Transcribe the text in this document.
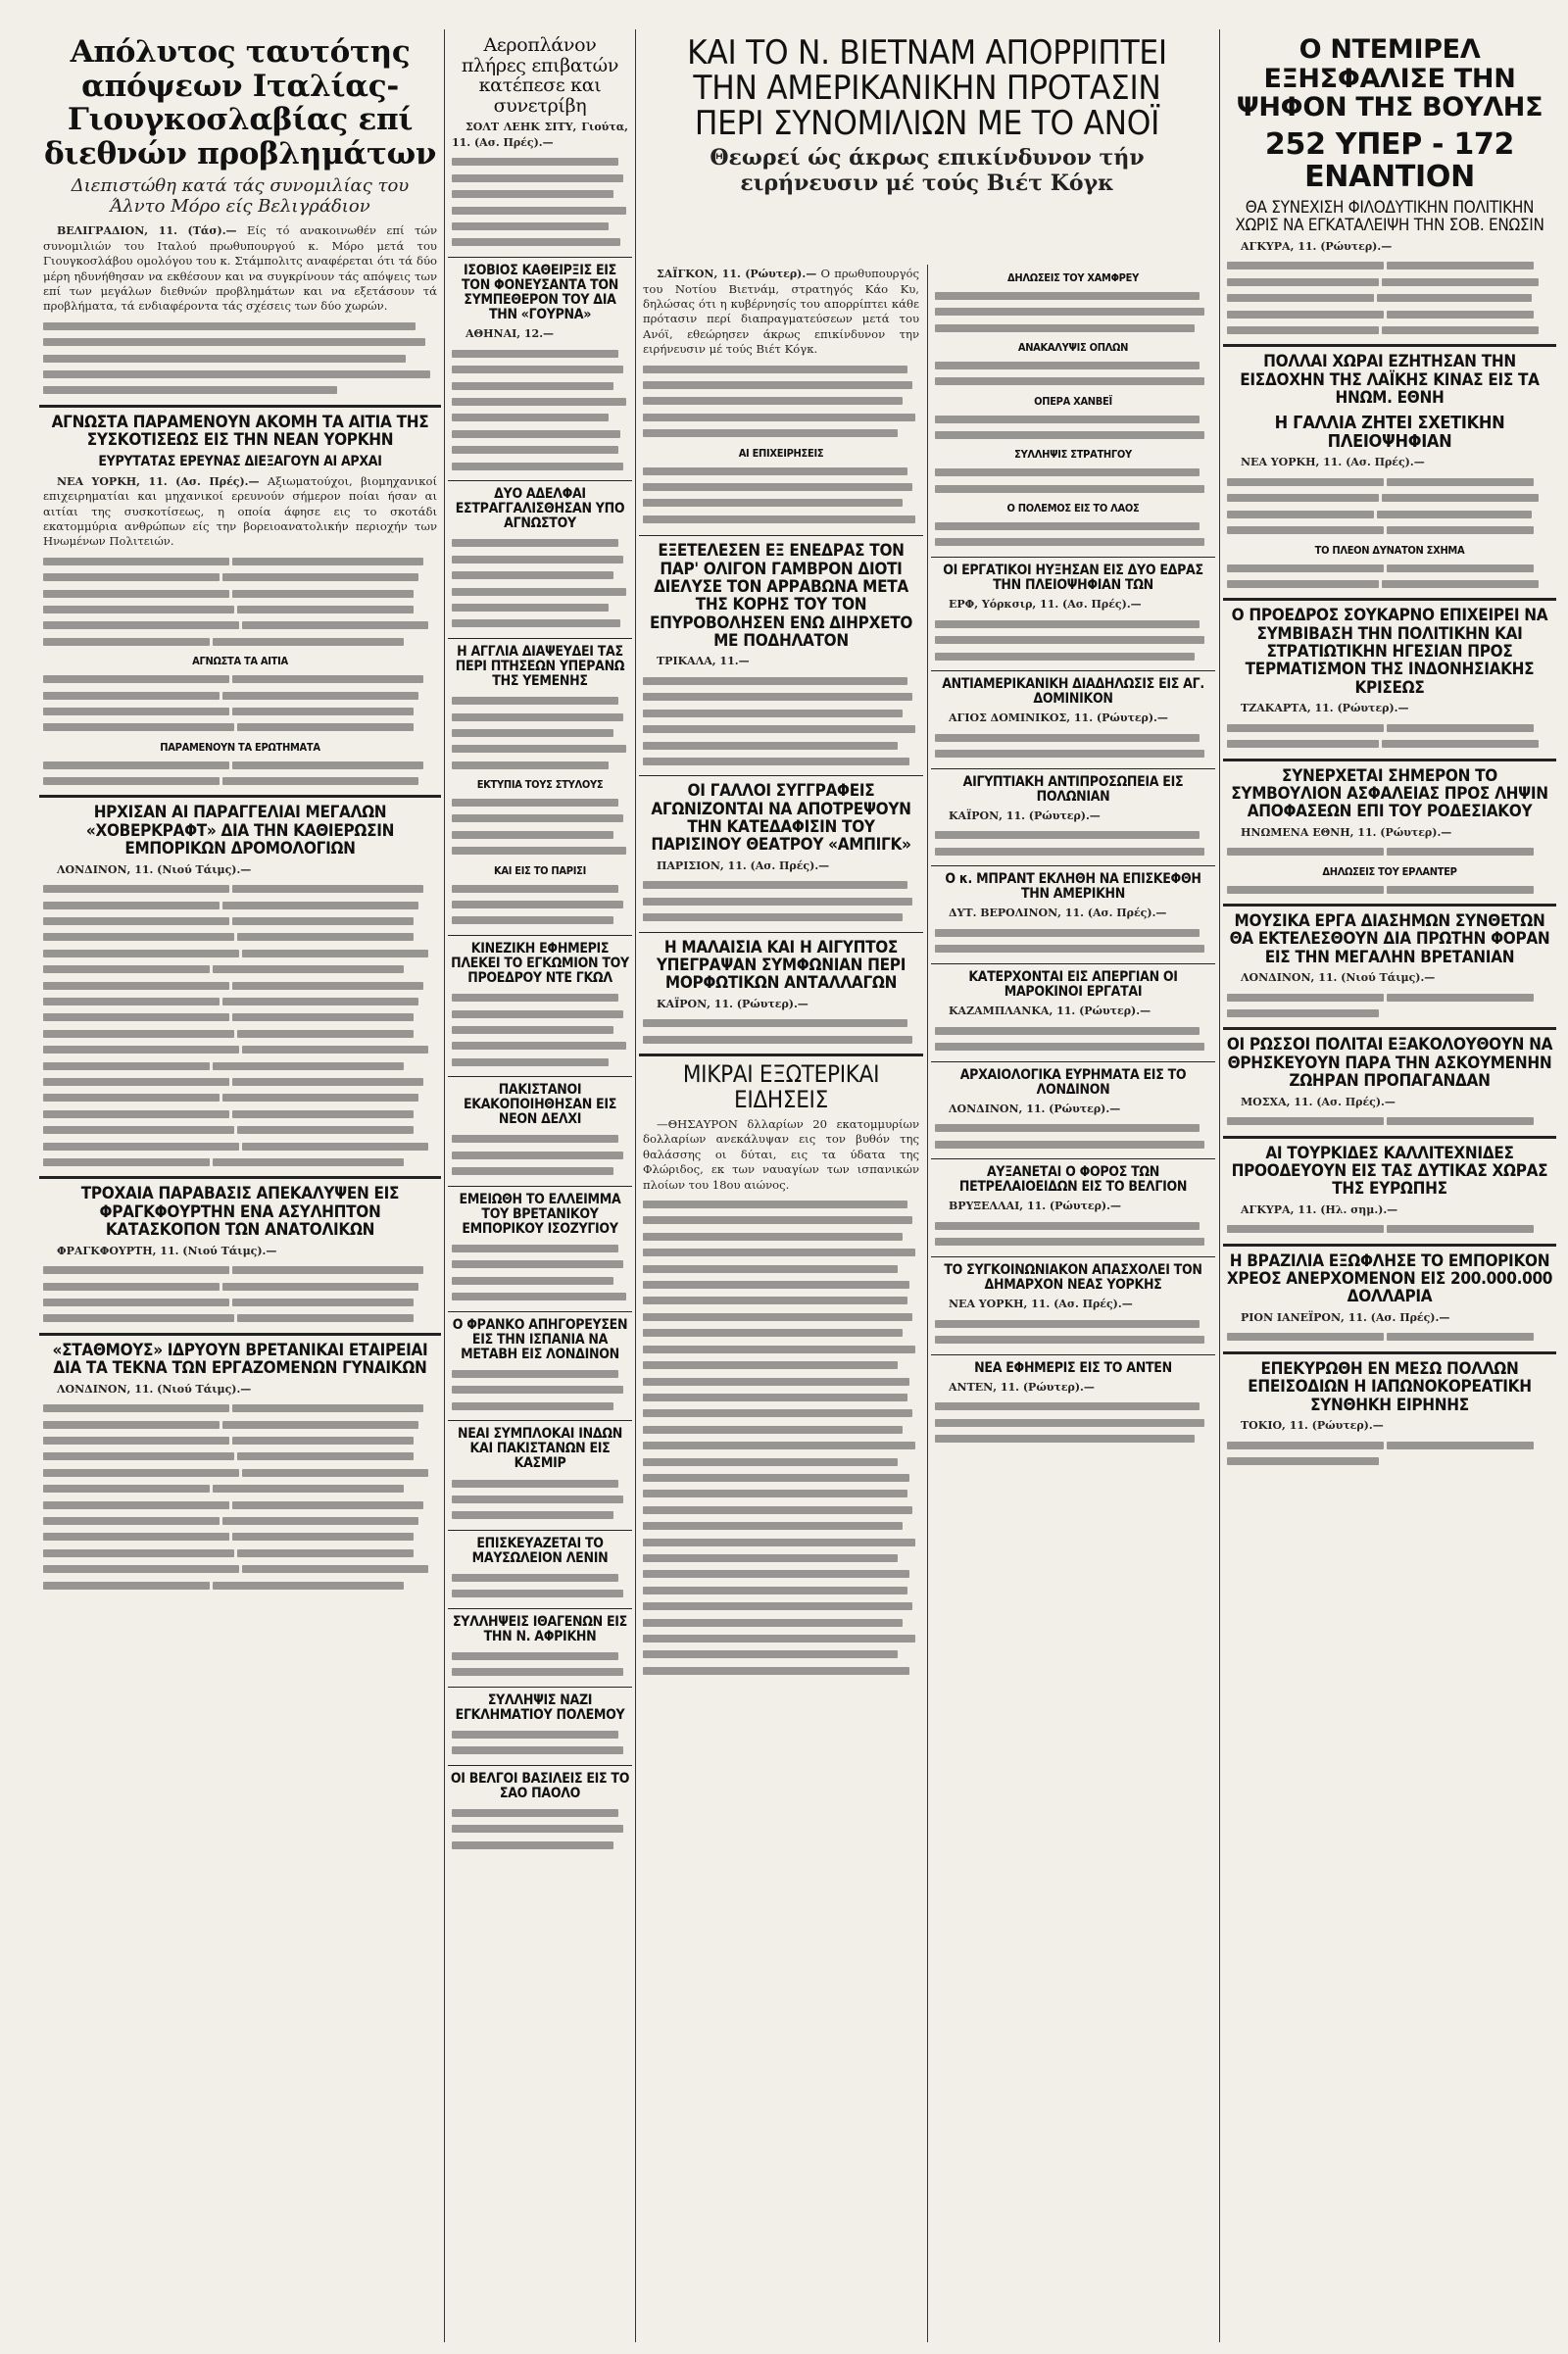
Απόλυτος ταυτότης απόψεων Ιταλίας-Γιουγκοσλαβίας επί διεθνών προβλημάτων
Διεπιστώθη κατά τάς συνομιλίας του Άλντο Μόρο είς Βελιγράδιον

ΒΕΛΙΓΡΑΔΙΟΝ, 11. (Τάσ).— Είς τό ανακοινωθέν επί τών συνομιλιών του Ιταλού πρωθυπουργού κ. Μόρο μετά του Γιουγκοσλάβου ομολόγου του κ. Στάμπολιτς αναφέρεται ότι τά δύο μέρη ηδυνήθησαν να εκθέσουν και να συγκρίνουν τάς απόψεις των επί των μεγάλων διεθνών προβλημάτων και να εξετάσουν τά προβλήματα, τά ενδιαφέροντα τάς σχέσεις των δύο χωρών.

ΑΓΝΩΣΤΑ ΠΑΡΑΜΕΝΟΥΝ ΑΚΟΜΗ ΤΑ ΑΙΤΙΑ ΤΗΣ ΣΥΣΚΟΤΙΣΕΩΣ ΕΙΣ ΤΗΝ ΝΕΑΝ ΥΟΡΚΗΝ
ΕΥΡΥΤΑΤΑΣ ΕΡΕΥΝΑΣ ΔΙΕΞΑΓΟΥΝ ΑΙ ΑΡΧΑΙ

ΝΕΑ ΥΟΡΚΗ, 11. (Ασ. Πρές).— Αξιωματούχοι, βιομηχανικοί επιχειρηματίαι και μηχανικοί ερευνούν σήμερον ποίαι ήσαν αι αιτίαι της συσκοτίσεως, η οποία άφησε εις το σκοτάδι εκατομμύρια ανθρώπων είς την βορειοανατολικήν περιοχήν των Ηνωμένων Πολιτειών.

ΑΓΝΩΣΤΑ ΤΑ ΑΙΤΙΑ
ΠΑΡΑΜΕΝΟΥΝ ΤΑ ΕΡΩΤΗΜΑΤΑ
ΗΡΧΙΣΑΝ ΑΙ ΠΑΡΑΓΓΕΛΙΑΙ ΜΕΓΑΛΩΝ «ΧΟΒΕΡΚΡΑΦΤ» ΔΙΑ ΤΗΝ ΚΑΘΙΕΡΩΣΙΝ ΕΜΠΟΡΙΚΩΝ ΔΡΟΜΟΛΟΓΙΩΝ

ΛΟΝΔΙΝΟΝ, 11. (Νιού Τάιμς).—

ΤΡΟΧΑΙΑ ΠΑΡΑΒΑΣΙΣ ΑΠΕΚΑΛΥΨΕΝ ΕΙΣ ΦΡΑΓΚΦΟΥΡΤΗΝ ΕΝΑ ΑΣΥΛΗΠΤΟΝ ΚΑΤΑΣΚΟΠΟΝ ΤΩΝ ΑΝΑΤΟΛΙΚΩΝ

ΦΡΑΓΚΦΟΥΡΤΗ, 11. (Νιού Τάιμς).—

«ΣΤΑΘΜΟΥΣ» ΙΔΡΥΟΥΝ ΒΡΕΤΑΝΙΚΑΙ ΕΤΑΙΡΕΙΑΙ ΔΙΑ ΤΑ ΤΕΚΝΑ ΤΩΝ ΕΡΓΑΖΟΜΕΝΩΝ ΓΥΝΑΙΚΩΝ

ΛΟΝΔΙΝΟΝ, 11. (Νιού Τάιμς).—

Αεροπλάνον πλήρες επιβατών κατέπεσε και συνετρίβη

ΣΟΛΤ ΛΕΗΚ ΣΙΤΥ, Γιούτα, 11. (Ασ. Πρές).—

ΙΣΟΒΙΟΣ ΚΑΘΕΙΡΞΙΣ ΕΙΣ ΤΟΝ ΦΟΝΕΥΣΑΝΤΑ ΤΟΝ ΣΥΜΠΕΘΕΡΟΝ ΤΟΥ ΔΙΑ ΤΗΝ «ΓΟΥΡΝΑ»

ΑΘΗΝΑΙ, 12.—

ΔΥΟ ΑΔΕΛΦΑΙ ΕΣΤΡΑΓΓΑΛΙΣΘΗΣΑΝ ΥΠΟ ΑΓΝΩΣΤΟΥ
Η ΑΓΓΛΙΑ ΔΙΑΨΕΥΔΕΙ ΤΑΣ ΠΕΡΙ ΠΤΗΣΕΩΝ ΥΠΕΡΑΝΩ ΤΗΣ ΥΕΜΕΝΗΣ
ΕΚΤΥΠΙΑ ΤΟΥΣ ΣΤΥΛΟΥΣ
ΚΑΙ ΕΙΣ ΤΟ ΠΑΡΙΣΙ
ΚΙΝΕΖΙΚΗ ΕΦΗΜΕΡΙΣ ΠΛΕΚΕΙ ΤΟ ΕΓΚΩΜΙΟΝ ΤΟΥ ΠΡΟΕΔΡΟΥ ΝΤΕ ΓΚΩΛ
ΠΑΚΙΣΤΑΝΟΙ ΕΚΑΚΟΠΟΙΗΘΗΣΑΝ ΕΙΣ ΝΕΟΝ ΔΕΛΧΙ
ΕΜΕΙΩΘΗ ΤΟ ΕΛΛΕΙΜΜΑ ΤΟΥ ΒΡΕΤΑΝΙΚΟΥ ΕΜΠΟΡΙΚΟΥ ΙΣΟΖΥΓΙΟΥ
Ο ΦΡΑΝΚΟ ΑΠΗΓΟΡΕΥΣΕΝ ΕΙΣ ΤΗΝ ΙΣΠΑΝΙΑ ΝΑ ΜΕΤΑΒΗ ΕΙΣ ΛΟΝΔΙΝΟΝ
ΝΕΑΙ ΣΥΜΠΛΟΚΑΙ ΙΝΔΩΝ ΚΑΙ ΠΑΚΙΣΤΑΝΩΝ ΕΙΣ ΚΑΣΜΙΡ
ΕΠΙΣΚΕΥΑΖΕΤΑΙ ΤΟ ΜΑΥΣΩΛΕΙΟΝ ΛΕΝΙΝ
ΣΥΛΛΗΨΕΙΣ ΙΘΑΓΕΝΩΝ ΕΙΣ ΤΗΝ Ν. ΑΦΡΙΚΗΝ
ΣΥΛΛΗΨΙΣ ΝΑΖΙ ΕΓΚΛΗΜΑΤΙΟΥ ΠΟΛΕΜΟΥ
ΟΙ ΒΕΛΓΟΙ ΒΑΣΙΛΕΙΣ ΕΙΣ ΤΟ ΣΑΟ ΠΑΟΛΟ
ΚΑΙ ΤΟ Ν. ΒΙΕΤΝΑΜ ΑΠΟΡΡΙΠΤΕΙ ΤΗΝ ΑΜΕΡΙΚΑΝΙΚΗΝ ΠΡΟΤΑΣΙΝ ΠΕΡΙ ΣΥΝΟΜΙΛΙΩΝ ΜΕ ΤΟ ΑΝΟΪ
Θεωρεί ώς άκρως επικίνδυνον τήν ειρήνευσιν μέ τούς Βιέτ Κόγκ

ΣΑΪΓΚΟΝ, 11. (Ρώυτερ).— Ο πρωθυπουργός του Νοτίου Βιετνάμ, στρατηγός Κάο Κυ, δηλώσας ότι η κυβέρνησίς του απορρίπτει κάθε πρότασιν περί διαπραγματεύσεων μετά του Ανόϊ, εθεώρησεν άκρως επικίνδυνον την ειρήνευσιν μέ τούς Βιέτ Κόγκ.

ΑΙ ΕΠΙΧΕΙΡΗΣΕΙΣ
ΕΞΕΤΕΛΕΣΕΝ ΕΞ ΕΝΕΔΡΑΣ ΤΟΝ ΠΑΡ' ΟΛΙΓΟΝ ΓΑΜΒΡΟΝ ΔΙΟΤΙ ΔΙΕΛΥΣΕ ΤΟΝ ΑΡΡΑΒΩΝΑ ΜΕΤΑ ΤΗΣ ΚΟΡΗΣ ΤΟΥ ΤΟΝ ΕΠΥΡΟΒΟΛΗΣΕΝ ΕΝΩ ΔΙΗΡΧΕΤΟ ΜΕ ΠΟΔΗΛΑΤΟΝ

ΤΡΙΚΑΛΑ, 11.—

ΟΙ ΓΑΛΛΟΙ ΣΥΓΓΡΑΦΕΙΣ ΑΓΩΝΙΖΟΝΤΑΙ ΝΑ ΑΠΟΤΡΕΨΟΥΝ ΤΗΝ ΚΑΤΕΔΑΦΙΣΙΝ ΤΟΥ ΠΑΡΙΣΙΝΟΥ ΘΕΑΤΡΟΥ «ΑΜΠΙΓΚ»

ΠΑΡΙΣΙΟΝ, 11. (Ασ. Πρές).—

Η ΜΑΛΑΙΣΙΑ ΚΑΙ Η ΑΙΓΥΠΤΟΣ ΥΠΕΓΡΑΨΑΝ ΣΥΜΦΩΝΙΑΝ ΠΕΡΙ ΜΟΡΦΩΤΙΚΩΝ ΑΝΤΑΛΛΑΓΩΝ

ΚΑΪΡΟΝ, 11. (Ρώυτερ).—

ΜΙΚΡΑΙ ΕΞΩΤΕΡΙΚΑΙ ΕΙΔΗΣΕΙΣ

—ΘΗΣΑΥΡΟΝ δλλαρίων 20 εκατομμυρίων δολλαρίων ανεκάλυψαν εις τον βυθόν της θαλάσσης οι δύται, εις τα ύδατα της Φλώριδος, εκ των ναυαγίων των ισπανικών πλοίων του 18ου αιώνος.

ΔΗΛΩΣΕΙΣ ΤΟΥ ΧΑΜΦΡΕΥ
ΑΝΑΚΑΛΥΨΙΣ ΟΠΛΩΝ
ΟΠΕΡΑ ΧΑΝΒΕΪ
ΣΥΛΛΗΨΙΣ ΣΤΡΑΤΗΓΟΥ
Ο ΠΟΛΕΜΟΣ ΕΙΣ ΤΟ ΛΑΟΣ
ΟΙ ΕΡΓΑΤΙΚΟΙ ΗΥΞΗΣΑΝ ΕΙΣ ΔΥΟ ΕΔΡΑΣ ΤΗΝ ΠΛΕΙΟΨΗΦΙΑΝ ΤΩΝ

ΕΡΦ, Υόρκσιρ, 11. (Ασ. Πρές).—

ΑΝΤΙΑΜΕΡΙΚΑΝΙΚΗ ΔΙΑΔΗΛΩΣΙΣ ΕΙΣ ΑΓ. ΔΟΜΙΝΙΚΟΝ

ΑΓΙΟΣ ΔΟΜΙΝΙΚΟΣ, 11. (Ρώυτερ).—

ΑΙΓΥΠΤΙΑΚΗ ΑΝΤΙΠΡΟΣΩΠΕΙΑ ΕΙΣ ΠΟΛΩΝΙΑΝ

ΚΑΪΡΟΝ, 11. (Ρώυτερ).—

Ο κ. ΜΠΡΑΝΤ ΕΚΛΗΘΗ ΝΑ ΕΠΙΣΚΕΦΘΗ ΤΗΝ ΑΜΕΡΙΚΗΝ

ΔΥΤ. ΒΕΡΟΛΙΝΟΝ, 11. (Ασ. Πρές).—

ΚΑΤΕΡΧΟΝΤΑΙ ΕΙΣ ΑΠΕΡΓΙΑΝ ΟΙ ΜΑΡΟΚΙΝΟΙ ΕΡΓΑΤΑΙ

ΚΑΖΑΜΠΛΑΝΚΑ, 11. (Ρώυτερ).—

ΑΡΧΑΙΟΛΟΓΙΚΑ ΕΥΡΗΜΑΤΑ ΕΙΣ ΤΟ ΛΟΝΔΙΝΟΝ

ΛΟΝΔΙΝΟΝ, 11. (Ρώυτερ).—

ΑΥΞΑΝΕΤΑΙ Ο ΦΟΡΟΣ ΤΩΝ ΠΕΤΡΕΛΑΙΟΕΙΔΩΝ ΕΙΣ ΤΟ ΒΕΛΓΙΟΝ

ΒΡΥΞΕΛΛΑΙ, 11. (Ρώυτερ).—

ΤΟ ΣΥΓΚΟΙΝΩΝΙΑΚΟΝ ΑΠΑΣΧΟΛΕΙ ΤΟΝ ΔΗΜΑΡΧΟΝ ΝΕΑΣ ΥΟΡΚΗΣ

ΝΕΑ ΥΟΡΚΗ, 11. (Ασ. Πρές).—

ΝΕΑ ΕΦΗΜΕΡΙΣ ΕΙΣ ΤΟ ΑΝΤΕΝ

ΑΝΤΕΝ, 11. (Ρώυτερ).—

Ο ΝΤΕΜΙΡΕΛ ΕΞΗΣΦΑΛΙΣΕ ΤΗΝ ΨΗΦΟΝ ΤΗΣ ΒΟΥΛΗΣ
252 ΥΠΕΡ - 172 ΕΝΑΝΤΙΟΝ
ΘΑ ΣΥΝΕΧΙΣΗ ΦΙΛΟΔΥΤΙΚΗΝ ΠΟΛΙΤΙΚΗΝ ΧΩΡΙΣ ΝΑ ΕΓΚΑΤΑΛΕΙΨΗ ΤΗΝ ΣΟΒ. ΕΝΩΣΙΝ

ΑΓΚΥΡΑ, 11. (Ρώυτερ).—

ΠΟΛΛΑΙ ΧΩΡΑΙ ΕΖΗΤΗΣΑΝ ΤΗΝ ΕΙΣΔΟΧΗΝ ΤΗΣ ΛΑΪΚΗΣ ΚΙΝΑΣ ΕΙΣ ΤΑ ΗΝΩΜ. ΕΘΝΗ
Η ΓΑΛΛΙΑ ΖΗΤΕΙ ΣΧΕΤΙΚΗΝ ΠΛΕΙΟΨΗΦΙΑΝ

ΝΕΑ ΥΟΡΚΗ, 11. (Ασ. Πρές).—

ΤΟ ΠΛΕΟΝ ΔΥΝΑΤΟΝ ΣΧΗΜΑ
Ο ΠΡΟΕΔΡΟΣ ΣΟΥΚΑΡΝΟ ΕΠΙΧΕΙΡΕΙ ΝΑ ΣΥΜΒΙΒΑΣΗ ΤΗΝ ΠΟΛΙΤΙΚΗΝ ΚΑΙ ΣΤΡΑΤΙΩΤΙΚΗΝ ΗΓΕΣΙΑΝ ΠΡΟΣ ΤΕΡΜΑΤΙΣΜΟΝ ΤΗΣ ΙΝΔΟΝΗΣΙΑΚΗΣ ΚΡΙΣΕΩΣ

ΤΖΑΚΑΡΤΑ, 11. (Ρώυτερ).—

ΣΥΝΕΡΧΕΤΑΙ ΣΗΜΕΡΟΝ ΤΟ ΣΥΜΒΟΥΛΙΟΝ ΑΣΦΑΛΕΙΑΣ ΠΡΟΣ ΛΗΨΙΝ ΑΠΟΦΑΣΕΩΝ ΕΠΙ ΤΟΥ ΡΟΔΕΣΙΑΚΟΥ

ΗΝΩΜΕΝΑ ΕΘΝΗ, 11. (Ρώυτερ).—

ΔΗΛΩΣΕΙΣ ΤΟΥ ΕΡΛΑΝΤΕΡ
ΜΟΥΣΙΚΑ ΕΡΓΑ ΔΙΑΣΗΜΩΝ ΣΥΝΘΕΤΩΝ ΘΑ ΕΚΤΕΛΕΣΘΟΥΝ ΔΙΑ ΠΡΩΤΗΝ ΦΟΡΑΝ ΕΙΣ ΤΗΝ ΜΕΓΑΛΗΝ ΒΡΕΤΑΝΙΑΝ

ΛΟΝΔΙΝΟΝ, 11. (Νιού Τάιμς).—

ΟΙ ΡΩΣΣΟΙ ΠΟΛΙΤΑΙ ΕΞΑΚΟΛΟΥΘΟΥΝ ΝΑ ΘΡΗΣΚΕΥΟΥΝ ΠΑΡΑ ΤΗΝ ΑΣΚΟΥΜΕΝΗΝ ΖΩΗΡΑΝ ΠΡΟΠΑΓΑΝΔΑΝ

ΜΟΣΧΑ, 11. (Ασ. Πρές).—

ΑΙ ΤΟΥΡΚΙΔΕΣ ΚΑΛΛΙΤΕΧΝΙΔΕΣ ΠΡΟΟΔΕΥΟΥΝ ΕΙΣ ΤΑΣ ΔΥΤΙΚΑΣ ΧΩΡΑΣ ΤΗΣ ΕΥΡΩΠΗΣ

ΑΓΚΥΡΑ, 11. (Ηλ. σημ.).—

Η ΒΡΑΖΙΛΙΑ ΕΞΩΦΛΗΣΕ ΤΟ ΕΜΠΟΡΙΚΟΝ ΧΡΕΟΣ ΑΝΕΡΧΟΜΕΝΟΝ ΕΙΣ 200.000.000 ΔΟΛΛΑΡΙΑ

ΡΙΟΝ ΙΑΝΕΪΡΟΝ, 11. (Ασ. Πρές).—

ΕΠΕΚΥΡΩΘΗ ΕΝ ΜΕΣΩ ΠΟΛΛΩΝ ΕΠΕΙΣΟΔΙΩΝ Η ΙΑΠΩΝΟΚΟΡΕΑΤΙΚΗ ΣΥΝΘΗΚΗ ΕΙΡΗΝΗΣ

ΤΟΚΙΟ, 11. (Ρώυτερ).—
